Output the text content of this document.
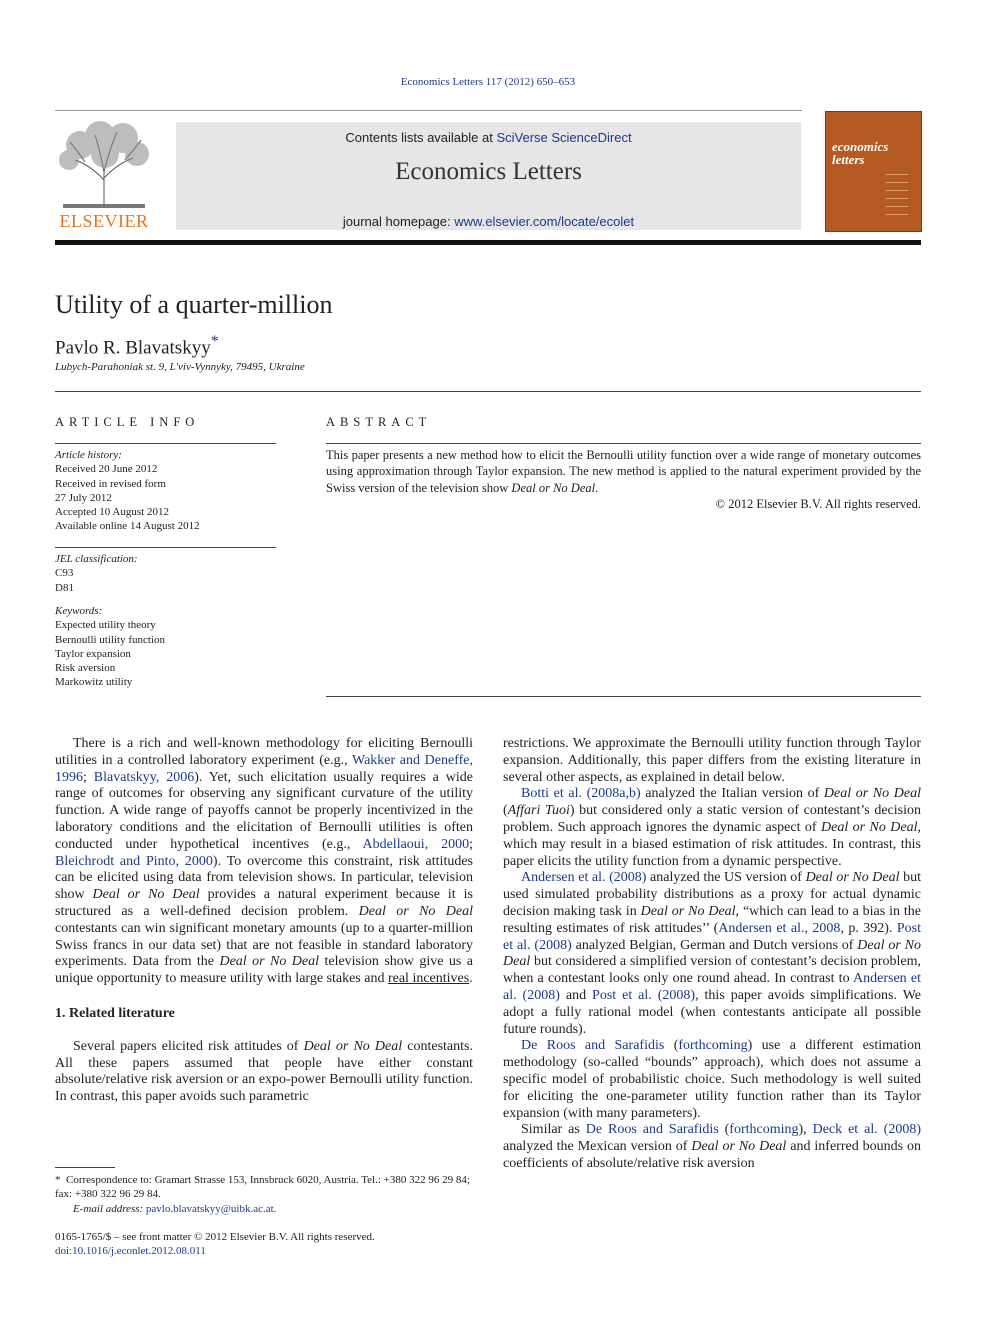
Economics Letters 117 (2012) 650–653
ELSEVIER
Contents lists available at SciVerse ScienceDirect
Economics Letters
journal homepage: www.elsevier.com/locate/ecolet
economics
letters
Utility of a quarter-million
Pavlo R. Blavatskyy*
Lubych-Parahoniak st. 9, L'viv-Vynnyky, 79495, Ukraine
ARTICLE INFO	ABSTRACT
Article history:
Received 20 June 2012
Received in revised form
27 July 2012
Accepted 10 August 2012
Available online 14 August 2012
JEL classification:
C93
D81
Keywords:
Expected utility theory
Bernoulli utility function
Taylor expansion
Risk aversion
Markowitz utility
This paper presents a new method how to elicit the Bernoulli utility function over a wide range of monetary outcomes using approximation through Taylor expansion. The new method is applied to the natural experiment provided by the Swiss version of the television show Deal or No Deal.
© 2012 Elsevier B.V. All rights reserved.

There is a rich and well-known methodology for eliciting Bernoulli utilities in a controlled laboratory experiment (e.g., Wakker and Deneffe, 1996; Blavatskyy, 2006). Yet, such elicitation usually requires a wide range of outcomes for observing any significant curvature of the utility function. A wide range of payoffs cannot be properly incentivized in the laboratory conditions and the elicitation of Bernoulli utilities is often conducted under hypothetical incentives (e.g., Abdellaoui, 2000; Bleichrodt and Pinto, 2000). To overcome this constraint, risk attitudes can be elicited using data from television shows. In particular, television show Deal or No Deal provides a natural experiment because it is structured as a well-defined decision problem. Deal or No Deal contestants can win significant monetary amounts (up to a quarter-million Swiss francs in our data set) that are not feasible in standard laboratory experiments. Data from the Deal or No Deal television show give us a unique opportunity to measure utility with large stakes and real incentives.

1. Related literature

Several papers elicited risk attitudes of Deal or No Deal contestants. All these papers assumed that people have either constant absolute/relative risk aversion or an expo-power Bernoulli utility function. In contrast, this paper avoids such parametric

restrictions. We approximate the Bernoulli utility function through Taylor expansion. Additionally, this paper differs from the existing literature in several other aspects, as explained in detail below.

Botti et al. (2008a,b) analyzed the Italian version of Deal or No Deal (Affari Tuoi) but considered only a static version of contestant’s decision problem. Such approach ignores the dynamic aspect of Deal or No Deal, which may result in a biased estimation of risk attitudes. In contrast, this paper elicits the utility function from a dynamic perspective.

Andersen et al. (2008) analyzed the US version of Deal or No Deal but used simulated probability distributions as a proxy for actual dynamic decision making task in Deal or No Deal, “which can lead to a bias in the resulting estimates of risk attitudes’’ (Andersen et al., 2008, p. 392). Post et al. (2008) analyzed Belgian, German and Dutch versions of Deal or No Deal but considered a simplified version of contestant’s decision problem, when a contestant looks only one round ahead. In contrast to Andersen et al. (2008) and Post et al. (2008), this paper avoids simplifications. We adopt a fully rational model (when contestants anticipate all possible future rounds).

De Roos and Sarafidis (forthcoming) use a different estimation methodology (so-called “bounds” approach), which does not assume a specific model of probabilistic choice. Such methodology is well suited for eliciting the one-parameter utility function rather than its Taylor expansion (with many parameters).

Similar as De Roos and Sarafidis (forthcoming), Deck et al. (2008) analyzed the Mexican version of Deal or No Deal and inferred bounds on coefficients of absolute/relative risk aversion

* Correspondence to: Gramart Strasse 153, Innsbruck 6020, Austria. Tel.: +380 322 96 29 84; fax: +380 322 96 29 84.

E-mail address: pavlo.blavatskyy@uibk.ac.at.

0165-1765/$ – see front matter © 2012 Elsevier B.V. All rights reserved.
doi:10.1016/j.econlet.2012.08.011
